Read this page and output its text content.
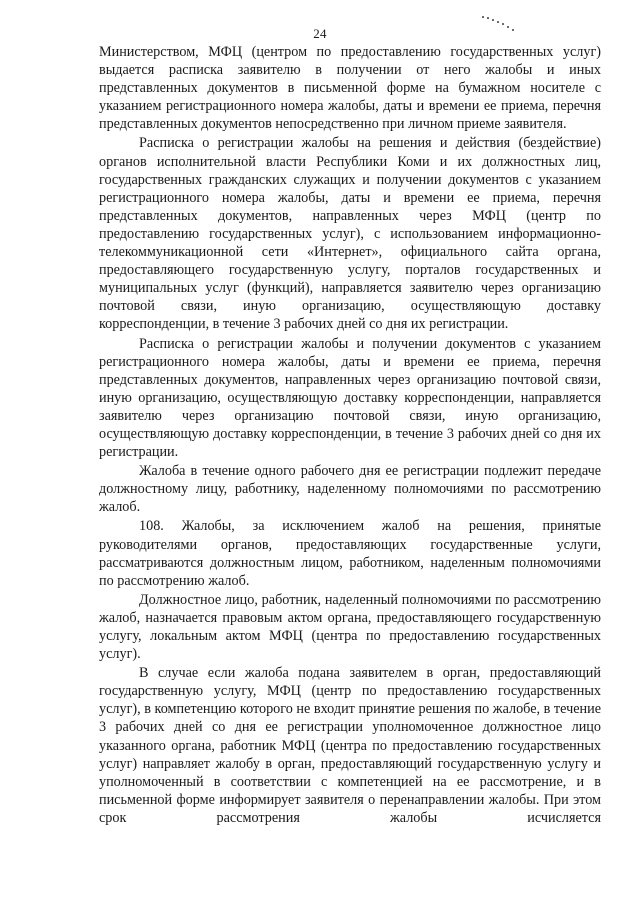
24

Министерством, МФЦ (центром по предоставлению государственных услуг) выдается расписка заявителю в получении от него жалобы и иных представленных документов в письменной форме на бумажном носителе с указанием регистрационного номера жалобы, даты и времени ее приема, перечня представленных документов непосредственно при личном приеме заявителя.

Расписка о регистрации жалобы на решения и действия (бездействие) органов исполнительной власти Республики Коми и их должностных лиц, государственных гражданских служащих и получении документов с указанием регистрационного номера жалобы, даты и времени ее приема, перечня представленных документов, направленных через МФЦ (центр по предоставлению государственных услуг), с использованием информационно-телекоммуникационной сети «Интернет», официального сайта органа, предоставляющего государственную услугу, порталов государственных и муниципальных услуг (функций), направляется заявителю через организацию почтовой связи, иную организацию, осуществляющую доставку корреспонденции, в течение 3 рабочих дней со дня их регистрации.

Расписка о регистрации жалобы и получении документов с указанием регистрационного номера жалобы, даты и времени ее приема, перечня представленных документов, направленных через организацию почтовой связи, иную организацию, осуществляющую доставку корреспонденции, направляется заявителю через организацию почтовой связи, иную организацию, осуществляющую доставку корреспонденции, в течение 3 рабочих дней со дня их регистрации.

Жалоба в течение одного рабочего дня ее регистрации подлежит передаче должностному лицу, работнику, наделенному полномочиями по рассмотрению жалоб.

108. Жалобы, за исключением жалоб на решения, принятые руководителями органов, предоставляющих государственные услуги, рассматриваются должностным лицом, работником, наделенным полномочиями по рассмотрению жалоб.

Должностное лицо, работник, наделенный полномочиями по рассмотрению жалоб, назначается правовым актом органа, предоставляющего государственную услугу, локальным актом МФЦ (центра по предоставлению государственных услуг).

В случае если жалоба подана заявителем в орган, предоставляющий государственную услугу, МФЦ (центр по предоставлению государственных услуг), в компетенцию которого не входит принятие решения по жалобе, в течение 3 рабочих дней со дня ее регистрации уполномоченное должностное лицо указанного органа, работник МФЦ (центра по предоставлению государственных услуг) направляет жалобу в орган, предоставляющий государственную услугу и уполномоченный в соответствии с компетенцией на ее рассмотрение, и в письменной форме информирует заявителя о перенаправлении жалобы. При этом срок рассмотрения жалобы исчисляется
